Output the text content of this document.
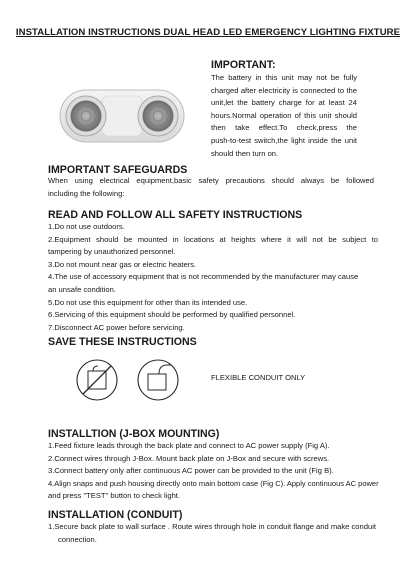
INSTALLATION INSTRUCTIONS DUAL HEAD LED EMERGENCY LIGHTING FIXTURE
IMPORTANT:
The battery in this unit may not be fully
charged after electricity is connected to the
unit,let the battery charge for at least 24
hours.Normal operation of this unit should
then take effect.To check,press the
push-to-test switch,the light inside the unit
should then turn on.
IMPORTANT SAFEGUARDS
When using electrical equipment,basic safety precautions should always be followed
including the following:
READ AND FOLLOW ALL SAFETY INSTRUCTIONS
1.Do not use outdoors.
2.Equipment should be mounted in locations at heights where it will not be subject to
tampering by unauthorized personnel.
3.Do not mount near gas or electric heaters.
4.The use of accessory equipment that is not recommended by the manufacturer may cause
an unsafe condition.
5.Do not use this equipment for other than its intended use.
6.Servicing of this equipment should be performed by qualified personnel.
7.Disconnect AC power before servicing.
SAVE THESE INSTRUCTIONS
FLEXIBLE CONDUIT ONLY
INSTALLTION (J-BOX MOUNTING)
1.Feed fixture leads through the back plate and connect to AC power supply (Fig A).
2.Connect wires through J-Box. Mount back plate on J-Box and secure with screws.
3.Connect battery only after continuous AC power can be provided to the unit (Fig B).
4.Align snaps and push housing directly onto main bottom case (Fig C). Apply continuous AC power
and press "TEST" button to check light.
INSTALLATION (CONDUIT)
1.Secure back plate to wall surface . Route wires through hole in conduit flange and make conduit
connection.
